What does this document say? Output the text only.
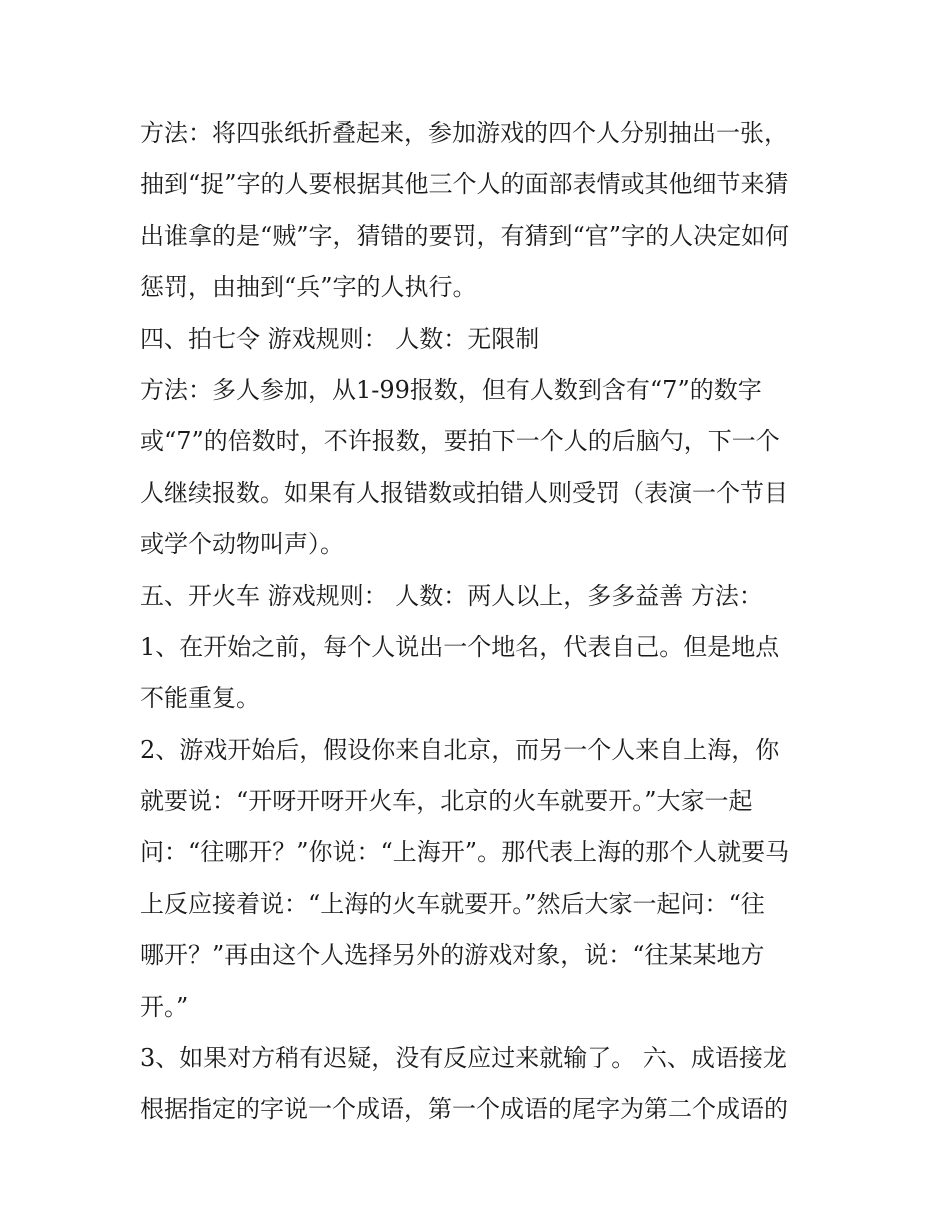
方法：将四张纸折叠起来，参加游戏的四个人分别抽出一张，

抽到“捉”字的人要根据其他三个人的面部表情或其他细节来猜

出谁拿的是“贼”字，猜错的要罚，有猜到“官”字的人决定如何

惩罚，由抽到“兵”字的人执行。

四、拍七令 游戏规则： 人数：无限制

方法：多人参加，从1-99报数，但有人数到含有“7”的数字

或“7”的倍数时，不许报数，要拍下一个人的后脑勺，下一个

人继续报数。如果有人报错数或拍错人则受罚（表演一个节目

或学个动物叫声）。

五、开火车 游戏规则： 人数：两人以上，多多益善 方法：

1、在开始之前，每个人说出一个地名，代表自己。但是地点

不能重复。

2、游戏开始后，假设你来自北京，而另一个人来自上海，你

就要说：“开呀开呀开火车，北京的火车就要开。”大家一起

问：“往哪开？”你说：“上海开”。那代表上海的那个人就要马

上反应接着说：“上海的火车就要开。”然后大家一起问：“往

哪开？”再由这个人选择另外的游戏对象，说：“往某某地方

开。”

3、如果对方稍有迟疑，没有反应过来就输了。 六、成语接龙

根据指定的字说一个成语，第一个成语的尾字为第二个成语的
